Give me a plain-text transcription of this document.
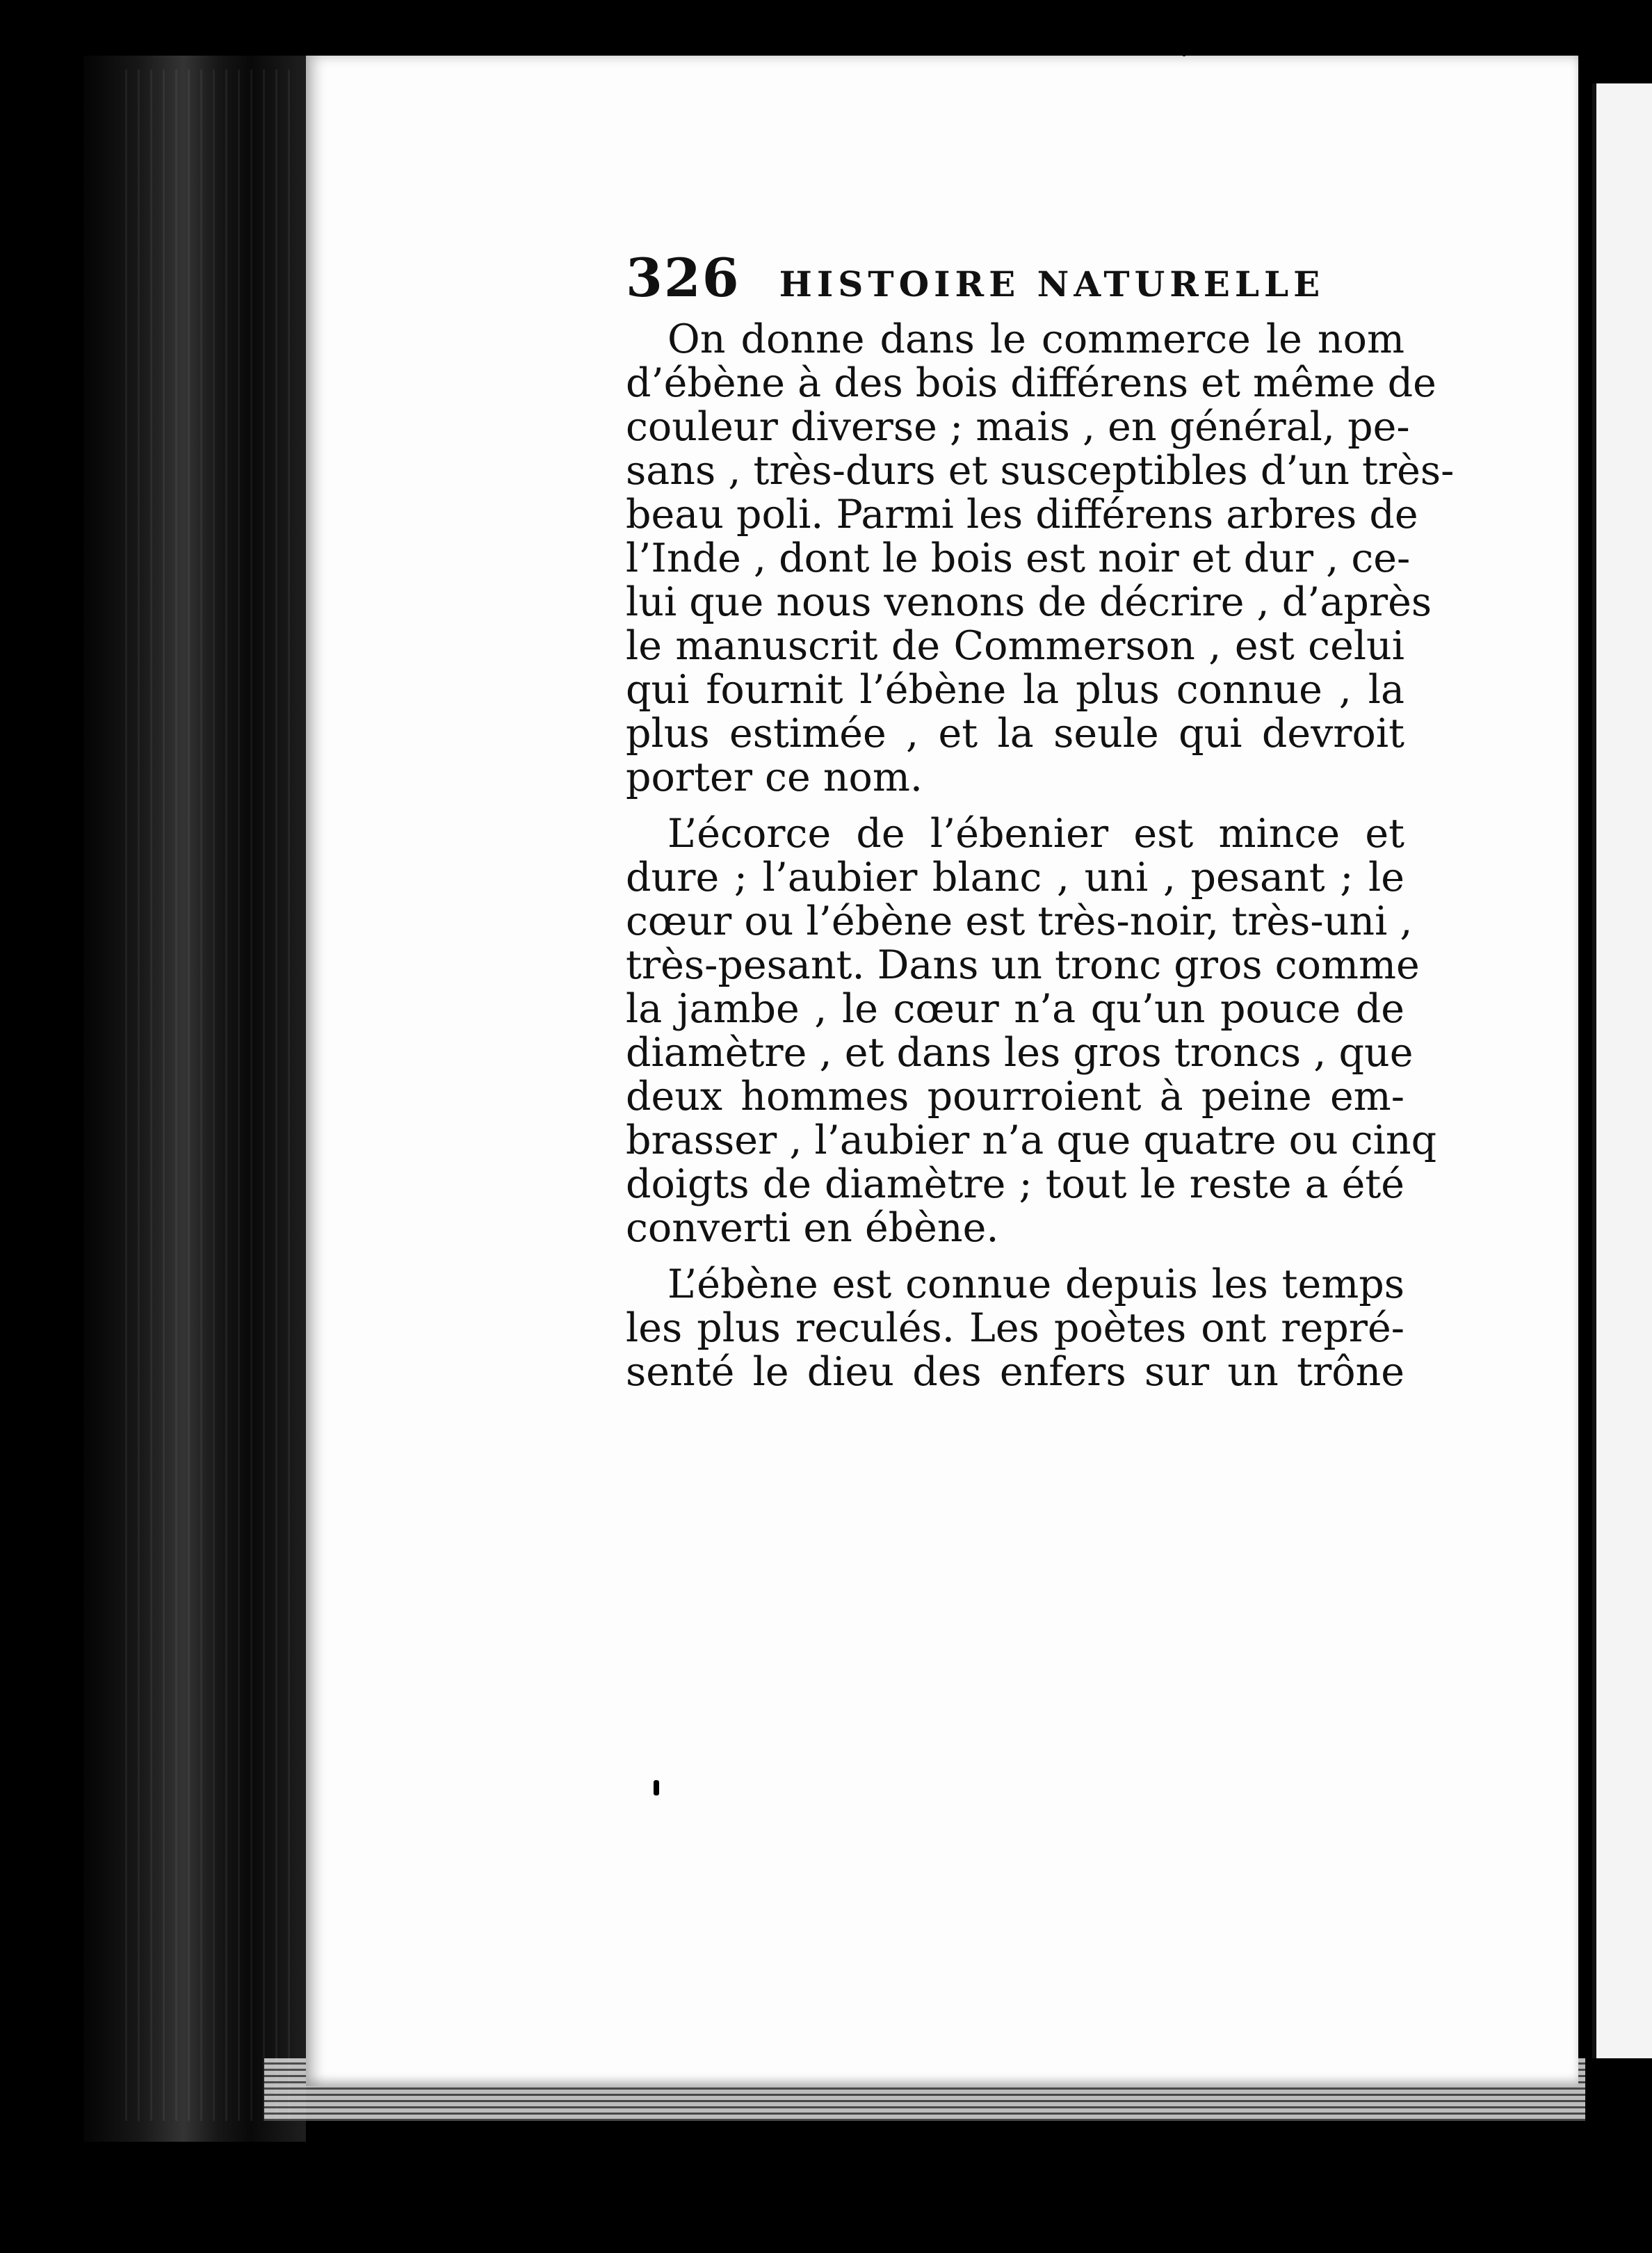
326 HISTOIRE NATURELLE
On donne dans le commerce le nom
d’ébène à des bois différens et même de
couleur diverse ; mais , en général, pe-
sans , très-durs et susceptibles d’un très-
beau poli. Parmi les différens arbres de
l’Inde , dont le bois est noir et dur , ce-
lui que nous venons de décrire , d’après
le manuscrit de Commerson , est celui
qui fournit l’ébène la plus connue , la
plus estimée , et la seule qui devroit
porter ce nom.
L’écorce de l’ébenier est mince et
dure ; l’aubier blanc , uni , pesant ; le
cœur ou l’ébène est très-noir, très-uni ,
très-pesant. Dans un tronc gros comme
la jambe , le cœur n’a qu’un pouce de
diamètre , et dans les gros troncs , que
deux hommes pourroient à peine em-
brasser , l’aubier n’a que quatre ou cinq
doigts de diamètre ; tout le reste a été
converti en ébène.
L’ébène est connue depuis les temps
les plus reculés. Les poètes ont repré-
senté le dieu des enfers sur un trône
